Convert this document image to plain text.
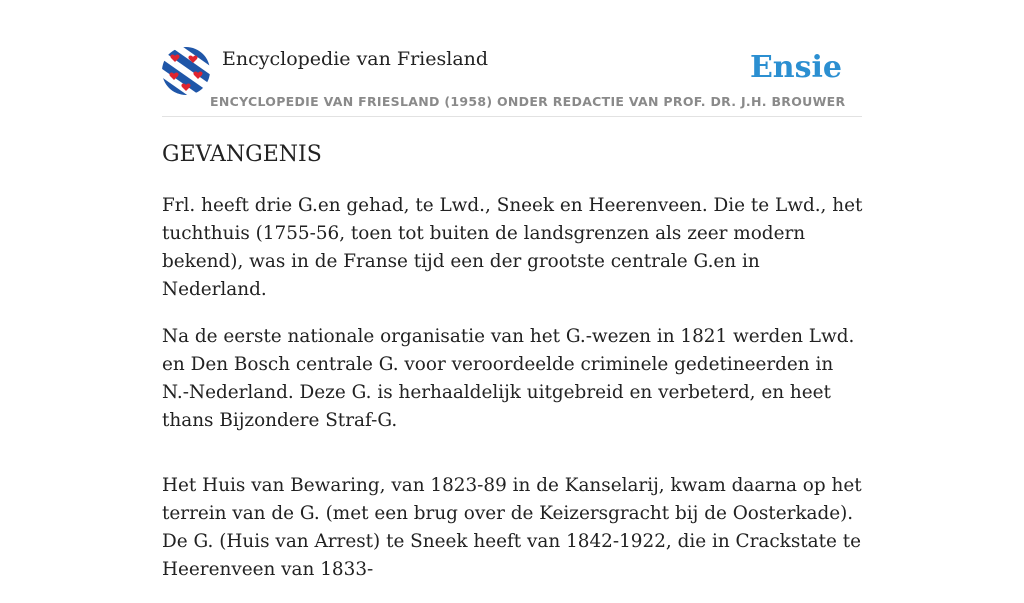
Encyclopedie van Friesland
ENCYCLOPEDIE VAN FRIESLAND (1958) ONDER REDACTIE VAN PROF. DR. J.H. BROUWER
Ensie
GEVANGENIS

Frl. heeft drie G.en gehad, te Lwd., Sneek en Heerenveen. Die te Lwd., het tuchthuis (1755-56, toen tot buiten de landsgrenzen als zeer modern bekend), was in de Franse tijd een der grootste centrale G.en in Nederland.

Na de eerste nationale organisatie van het G.-wezen in 1821 werden Lwd. en Den Bosch centrale G. voor veroordeelde criminele gedetineerden in N.-Nederland. Deze G. is herhaaldelijk uitgebreid en verbeterd, en heet thans Bijzondere Straf-G.

Het Huis van Bewaring, van 1823-89 in de Kanselarij, kwam daarna op het terrein van de G. (met een brug over de Keizersgracht bij de Oosterkade). De G. (Huis van Arrest) te Sneek heeft van 1842-1922, die in Crackstate te Heerenveen van 1833-
